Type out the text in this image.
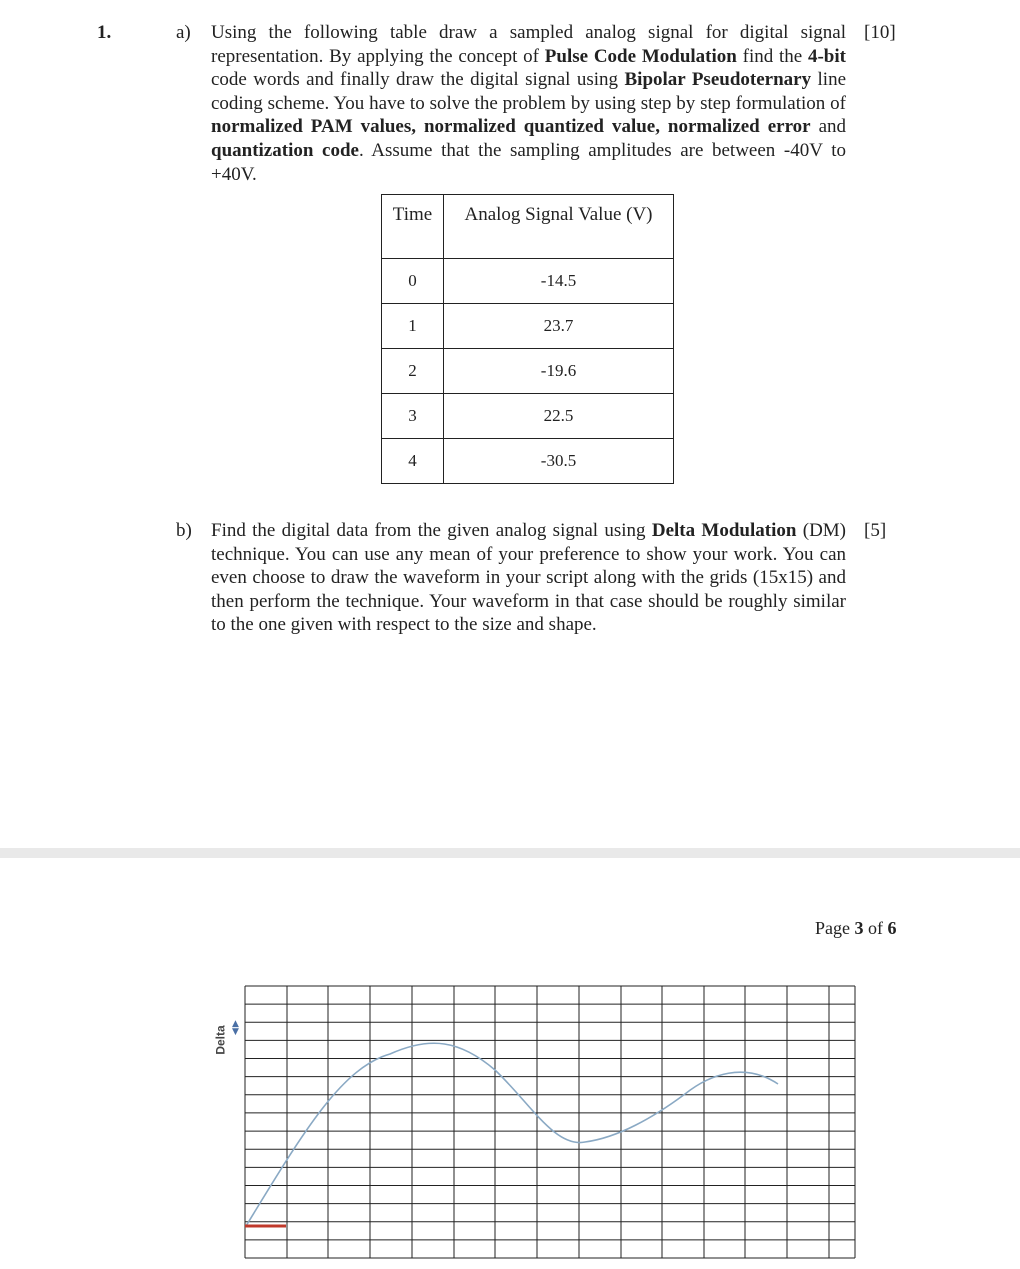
1.	a) Using the following table draw a sampled analog signal for digital signal representation. By applying the concept of Pulse Code Modulation find the 4-bit code words and finally draw the digital signal using Bipolar Pseudoternary line coding scheme. You have to solve the problem by using step by step formulation of normalized PAM values, normalized quantized value, normalized error and quantization code. Assume that the sampling amplitudes are between -40V to +40V.

[10]
Time	Analog Signal Value (V)
0	-14.5
1	23.7
2	-19.6
3	22.5
4	-30.5
b) Find the digital data from the given analog signal using Delta Modulation (DM) technique. You can use any mean of your preference to show your work. You can even choose to draw the waveform in your script along with the grids (15x15) and then perform the technique. Your waveform in that case should be roughly similar to the one given with respect to the size and shape.

[5]
Page 3 of 6
Delta
▲
▼
